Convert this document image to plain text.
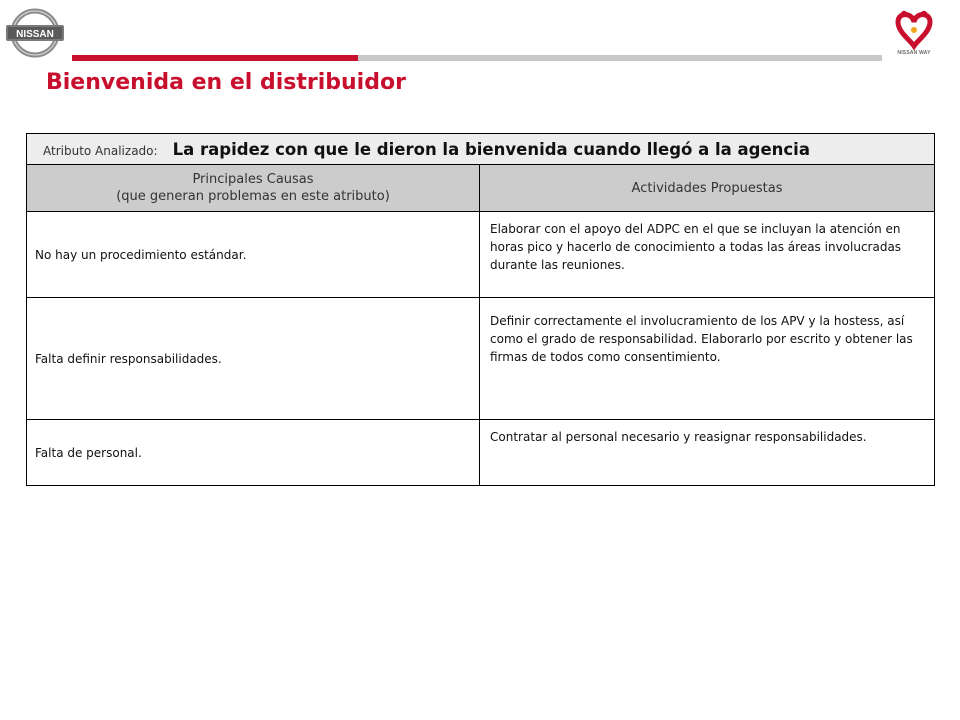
NISSAN
NISSAN WAY
Bienvenida en el distribuidor
Atributo Analizado: La rapidez con que le dieron la bienvenida cuando llegó a la agencia	
Principales Causas
(que generan problemas en este atributo)	Actividades Propuestas
No hay un procedimiento estándar.	Elaborar con el apoyo del ADPC en el que se incluyan la atención en horas pico y hacerlo de conocimiento a todas las áreas involucradas durante las reuniones.
Falta definir responsabilidades.	Definir correctamente el involucramiento de los APV y la hostess, así como el grado de responsabilidad. Elaborarlo por escrito y obtener las firmas de todos como consentimiento.
Falta de personal.	Contratar al personal necesario y reasignar responsabilidades.
